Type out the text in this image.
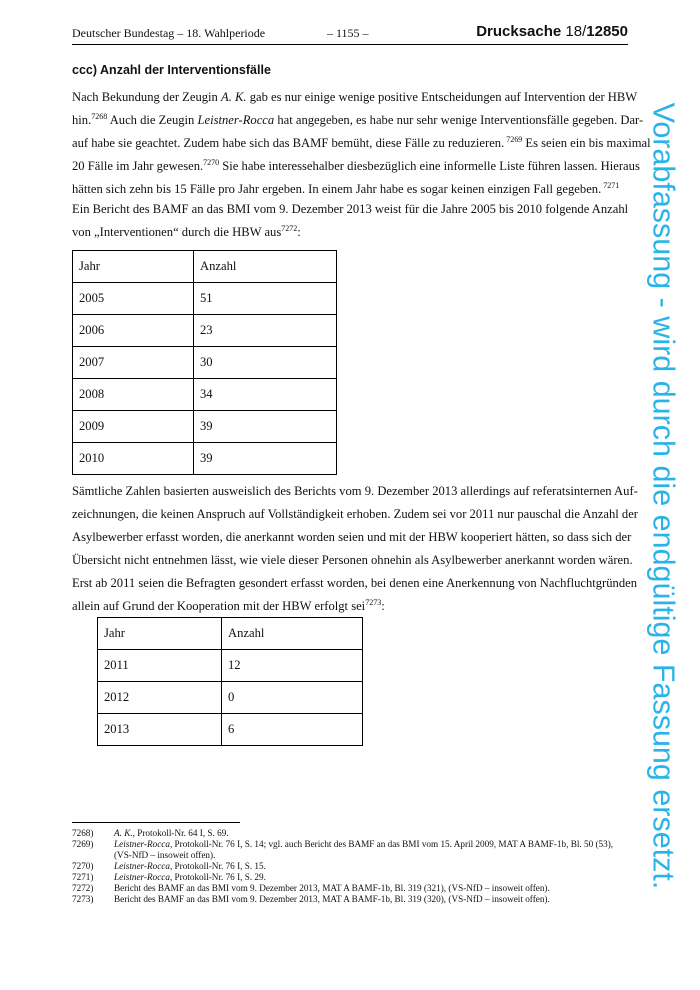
Deutscher Bundestag – 18. Wahlperiode	– 1155 –	Drucksache 18/12850
ccc) Anzahl der Interventionsfälle
Nach Bekundung der Zeugin A. K. gab es nur einige wenige positive Entscheidungen auf Intervention der HBW
hin.$^{7268}$ Auch die Zeugin Leistner-Rocca hat angegeben, es habe nur sehr wenige Interventionsfälle gegeben. Dar-
auf habe sie geachtet. Zudem habe sich das BAMF bemüht, diese Fälle zu reduzieren. $^{7269}$ Es seien ein bis maximal
20 Fälle im Jahr gewesen.$^{7270}$ Sie habe interessehalber diesbezüglich eine informelle Liste führen lassen. Hieraus
hätten sich zehn bis 15 Fälle pro Jahr ergeben. In einem Jahr habe es sogar keinen einzigen Fall gegeben. $^{7271}$
Ein Bericht des BAMF an das BMI vom 9. Dezember 2013 weist für die Jahre 2005 bis 2010 folgende Anzahl
von „Interventionen“ durch die HBW aus$^{7272}$:
Jahr	Anzahl
2005	51
2006	23
2007	30
2008	34
2009	39
2010	39
Sämtliche Zahlen basierten ausweislich des Berichts vom 9. Dezember 2013 allerdings auf referatsinternen Auf-
zeichnungen, die keinen Anspruch auf Vollständigkeit erhoben. Zudem sei vor 2011 nur pauschal die Anzahl der
Asylbewerber erfasst worden, die anerkannt worden seien und mit der HBW kooperiert hätten, so dass sich der
Übersicht nicht entnehmen lässt, wie viele dieser Personen ohnehin als Asylbewerber anerkannt worden wären.
Erst ab 2011 seien die Befragten gesondert erfasst worden, bei denen eine Anerkennung von Nachfluchtgründen
allein auf Grund der Kooperation mit der HBW erfolgt sei$^{7273}$:
Jahr	Anzahl
2011	12
2012	0
2013	6
7268)	A. K., Protokoll-Nr. 64 I, S. 69.
7269)	Leistner-Rocca, Protokoll-Nr. 76 I, S. 14; vgl. auch Bericht des BAMF an das BMI vom 15. April 2009, MAT A BAMF-1b, Bl. 50 (53),
(VS-NfD – insoweit offen).
7270)	Leistner-Rocca, Protokoll-Nr. 76 I, S. 15.
7271)	Leistner-Rocca, Protokoll-Nr. 76 I, S. 29.
7272)	Bericht des BAMF an das BMI vom 9. Dezember 2013, MAT A BAMF-1b, Bl. 319 (321), (VS-NfD – insoweit offen).
7273)	Bericht des BAMF an das BMI vom 9. Dezember 2013, MAT A BAMF-1b, Bl. 319 (320), (VS-NfD – insoweit offen).
Vorabfassung - wird durch die endgültige Fassung ersetzt.
